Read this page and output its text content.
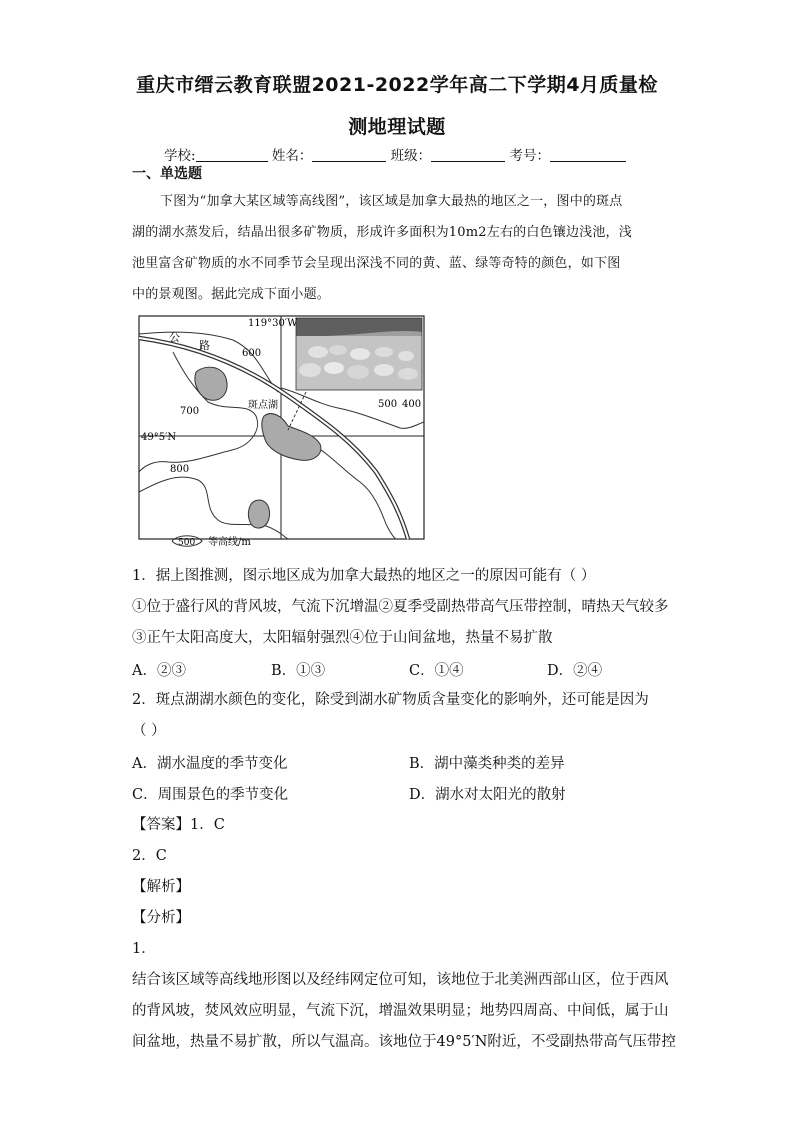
重庆市缙云教育联盟2021-2022学年高二下学期4月质量检
测地理试题
学校:	姓名：	班级：	考号：
一、单选题
下图为“加拿大某区域等高线图”，该区域是加拿大最热的地区之一，图中的斑点
湖的湖水蒸发后，结晶出很多矿物质，形成许多面积为10m2左右的白色镶边浅池，浅
池里富含矿物质的水不同季节会呈现出深浅不同的黄、蓝、绿等奇特的颜色，如下图
中的景观图。据此完成下面小题。
119°30′W
公
路
600
700
斑点湖
49°5′N
800
500 400
500 等高线/m
1．据上图推测，图示地区成为加拿大最热的地区之一的原因可能有（ ）
①位于盛行风的背风坡，气流下沉增温②夏季受副热带高气压带控制，晴热天气较多
③正午太阳高度大，太阳辐射强烈④位于山间盆地，热量不易扩散
A．②③	B．①③	C．①④	D．②④
2．斑点湖湖水颜色的变化，除受到湖水矿物质含量变化的影响外，还可能是因为
（ ）
A．湖水温度的季节变化	B．湖中藻类种类的差异
C．周围景色的季节变化	D．湖水对太阳光的散射
【答案】1．C
2．C
【解析】
【分析】
1．
结合该区域等高线地形图以及经纬网定位可知，该地位于北美洲西部山区，位于西风
的背风坡，焚风效应明显，气流下沉，增温效果明显；地势四周高、中间低，属于山
间盆地，热量不易扩散，所以气温高。该地位于49°5′N附近，不受副热带高气压带控
